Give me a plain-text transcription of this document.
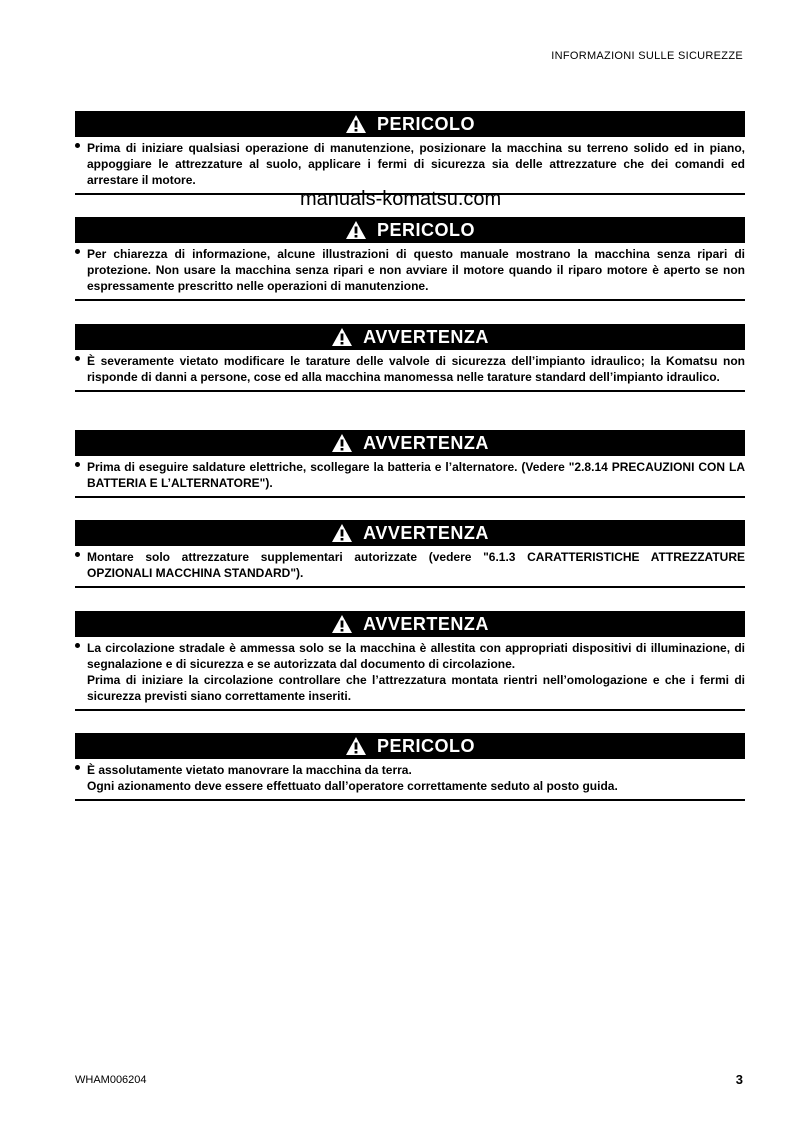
INFORMAZIONI SULLE SICUREZZE
manuals-komatsu.com
PERICOLO

Prima di iniziare qualsiasi operazione di manutenzione, posizionare la macchina su terreno solido ed in piano, appoggiare le attrezzature al suolo, applicare i fermi di sicurezza sia delle attrezzature che dei comandi ed arrestare il motore.

PERICOLO

Per chiarezza di informazione, alcune illustrazioni di questo manuale mostrano la macchina senza ripari di protezione. Non usare la macchina senza ripari e non avviare il motore quando il riparo motore è aperto se non espressamente prescritto nelle operazioni di manutenzione.

AVVERTENZA

È severamente vietato modificare le tarature delle valvole di sicurezza dell’impianto idraulico; la Komatsu non risponde di danni a persone, cose ed alla macchina manomessa nelle tarature standard dell’impianto idraulico.

AVVERTENZA

Prima di eseguire saldature elettriche, scollegare la batteria e l’alternatore. (Vedere "2.8.14 PRECAUZIONI CON LA BATTERIA E L’ALTERNATORE").

AVVERTENZA

Montare solo attrezzature supplementari autorizzate (vedere "6.1.3 CARATTERISTICHE ATTREZZATURE OPZIONALI MACCHINA STANDARD").

AVVERTENZA

La circolazione stradale è ammessa solo se la macchina è allestita con appropriati dispositivi di illuminazione, di segnalazione e di sicurezza e se autorizzata dal documento di circolazione.

Prima di iniziare la circolazione controllare che l’attrezzatura montata rientri nell’omologazione e che i fermi di sicurezza previsti siano correttamente inseriti.

PERICOLO

È assolutamente vietato manovrare la macchina da terra.

Ogni azionamento deve essere effettuato dall’operatore correttamente seduto al posto guida.

WHAM006204	3
